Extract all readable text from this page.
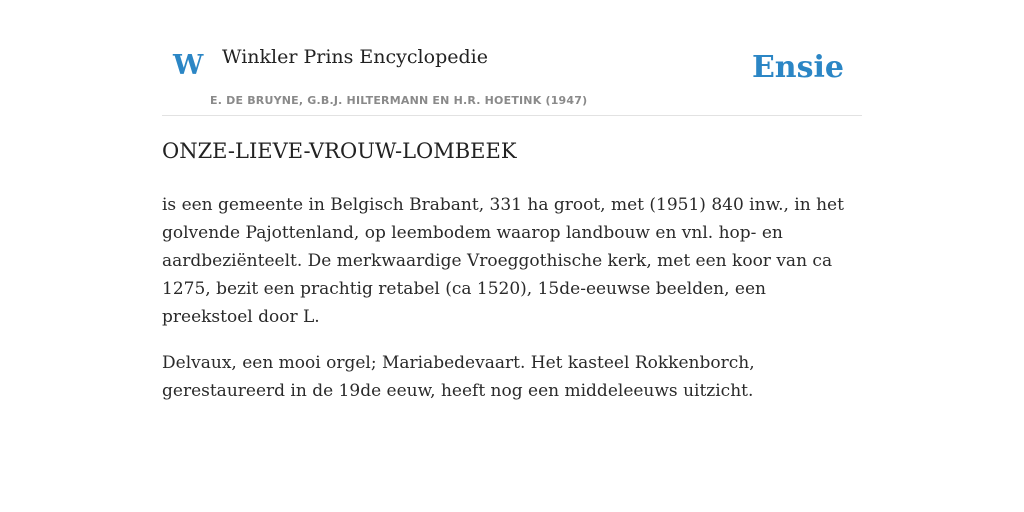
W Winkler Prins Encyclopedie
E. DE BRUYNE, G.B.J. HILTERMANN EN H.R. HOETINK (1947)
Ensie
ONZE-LIEVE-VROUW-LOMBEEK

is een gemeente in Belgisch Brabant, 331 ha groot, met (1951) 840 inw., in het golvende Pajottenland, op leembodem waarop landbouw en vnl. hop- en aardbeziënteelt. De merkwaardige Vroeggothische kerk, met een koor van ca 1275, bezit een prachtig retabel (ca 1520), 15de-eeuwse beelden, een preekstoel door L.

Delvaux, een mooi orgel; Mariabedevaart. Het kasteel Rokkenborch, gerestaureerd in de 19de eeuw, heeft nog een middeleeuws uitzicht.
